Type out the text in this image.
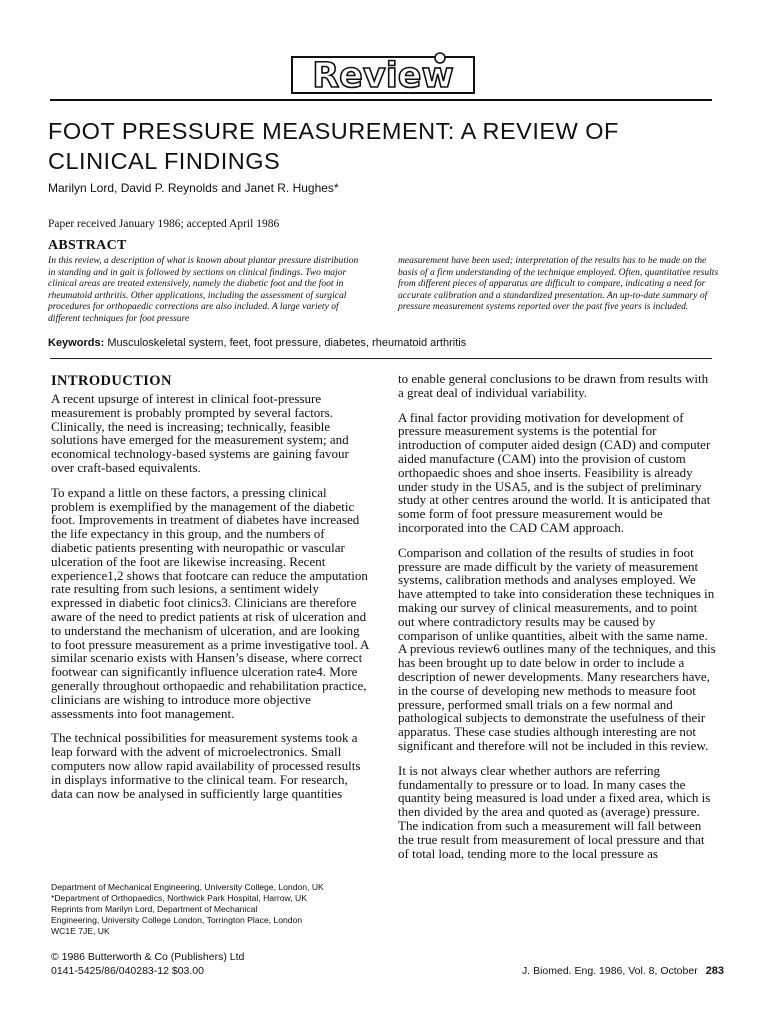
Review
FOOT PRESSURE MEASUREMENT: A REVIEW OF CLINICAL FINDINGS
Marilyn Lord, David P. Reynolds and Janet R. Hughes*
Paper received January 1986; accepted April 1986
ABSTRACT

In this review, a description of what is known about plantar pressure distribution in standing and in gait is followed by sections on clinical findings. Two major clinical areas are treated extensively, namely the diabetic foot and the foot in rheumatoid arthritis. Other applications, including the assessment of surgical procedures for orthopaedic corrections are also included. A large variety of different techniques for foot pressure

measurement have been used; interpretation of the results has to be made on the basis of a firm understanding of the technique employed. Often, quantitative results from different pieces of apparatus are difficult to compare, indicating a need for accurate calibration and a standardized presentation. An up-to-date summary of pressure measurement systems reported over the past five years is included.

Keywords: Musculoskeletal system, feet, foot pressure, diabetes, rheumatoid arthritis
INTRODUCTION

A recent upsurge of interest in clinical foot-pressure measurement is probably prompted by several factors. Clinically, the need is increasing; technically, feasible solutions have emerged for the measurement system; and economical technology-based systems are gaining favour over craft-based equivalents.

To expand a little on these factors, a pressing clinical problem is exemplified by the management of the diabetic foot. Improvements in treatment of diabetes have increased the life expectancy in this group, and the numbers of diabetic patients presenting with neuropathic or vascular ulceration of the foot are likewise increasing. Recent experience1,2 shows that footcare can reduce the amputation rate resulting from such lesions, a sentiment widely expressed in diabetic foot clinics3. Clinicians are therefore aware of the need to predict patients at risk of ulceration and to understand the mechanism of ulceration, and are looking to foot pressure measurement as a prime investigative tool. A similar scenario exists with Hansen’s disease, where correct footwear can significantly influence ulceration rate4. More generally throughout orthopaedic and rehabilitation practice, clinicians are wishing to introduce more objective assessments into foot management.

The technical possibilities for measurement systems took a leap forward with the advent of microelectronics. Small computers now allow rapid availability of processed results in displays informative to the clinical team. For research, data can now be analysed in sufficiently large quantities

to enable general conclusions to be drawn from results with a great deal of individual variability.

A final factor providing motivation for development of pressure measurement systems is the potential for introduction of computer aided design (CAD) and computer aided manufacture (CAM) into the provision of custom orthopaedic shoes and shoe inserts. Feasibility is already under study in the USA5, and is the subject of preliminary study at other centres around the world. It is anticipated that some form of foot pressure measurement would be incorporated into the CAD CAM approach.

Comparison and collation of the results of studies in foot pressure are made difficult by the variety of measurement systems, calibration methods and analyses employed. We have attempted to take into consideration these techniques in making our survey of clinical measurements, and to point out where contradictory results may be caused by comparison of unlike quantities, albeit with the same name. A previous review6 outlines many of the techniques, and this has been brought up to date below in order to include a description of newer developments. Many researchers have, in the course of developing new methods to measure foot pressure, performed small trials on a few normal and pathological subjects to demonstrate the usefulness of their apparatus. These case studies although interesting are not significant and therefore will not be included in this review.

It is not always clear whether authors are referring fundamentally to pressure or to load. In many cases the quantity being measured is load under a fixed area, which is then divided by the area and quoted as (average) pressure. The indication from such a measurement will fall between the true result from measurement of local pressure and that of total load, tending more to the local pressure as

Department of Mechanical Engineering, University College, London, UK
*Department of Orthopaedics, Northwick Park Hospital, Harrow, UK
Reprints from Marilyn Lord, Department of Mechanical
Engineering, University College London, Torrington Place, London
WC1E 7JE, UK
© 1986 Butterworth & Co (Publishers) Ltd
0141-5425/86/040283-12 $03.00	J. Biomed. Eng. 1986, Vol. 8, October 283
